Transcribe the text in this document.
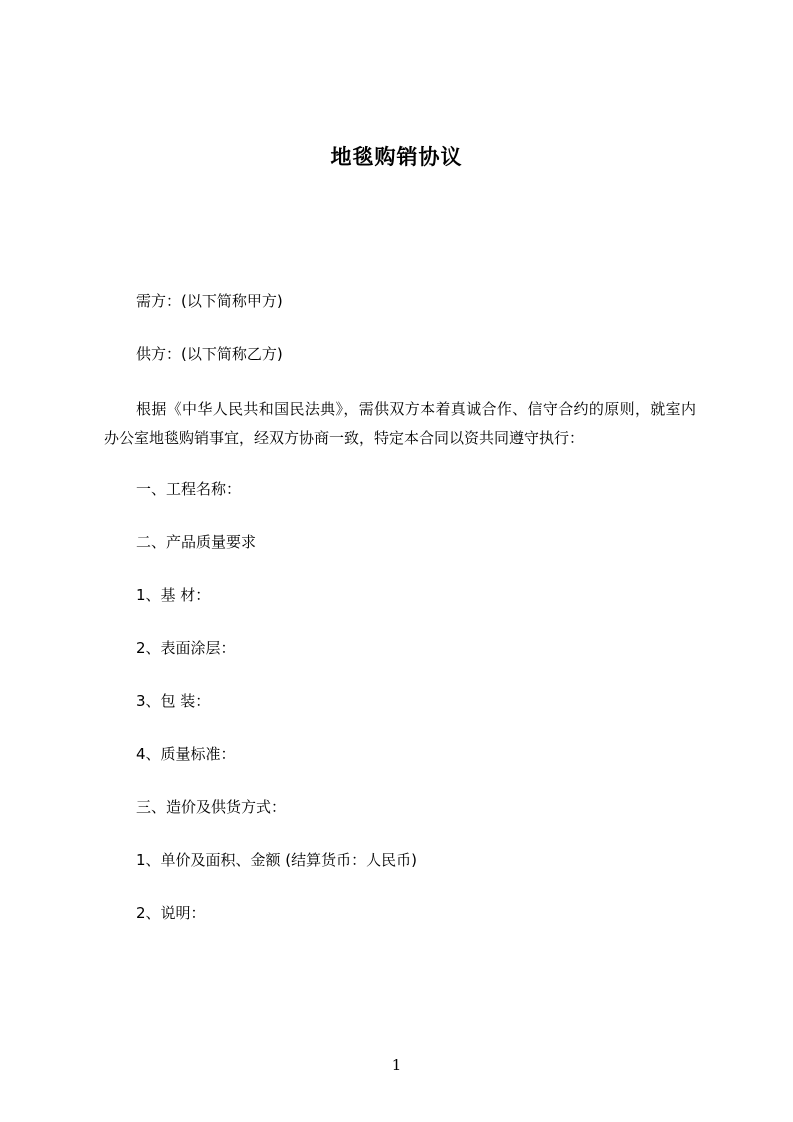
地毯购销协议
需方：(以下简称甲方)
供方：(以下简称乙方)
根据《中华人民共和国民法典》，需供双方本着真诚合作、信守合约的原则，就室内办公室地毯购销事宜，经双方协商一致，特定本合同以资共同遵守执行：
一、工程名称：
二、产品质量要求
1、基 材：
2、表面涂层：
3、包 装：
4、质量标准：
三、造价及供货方式：
1、单价及面积、金额 (结算货币：人民币)
2、说明：
1
